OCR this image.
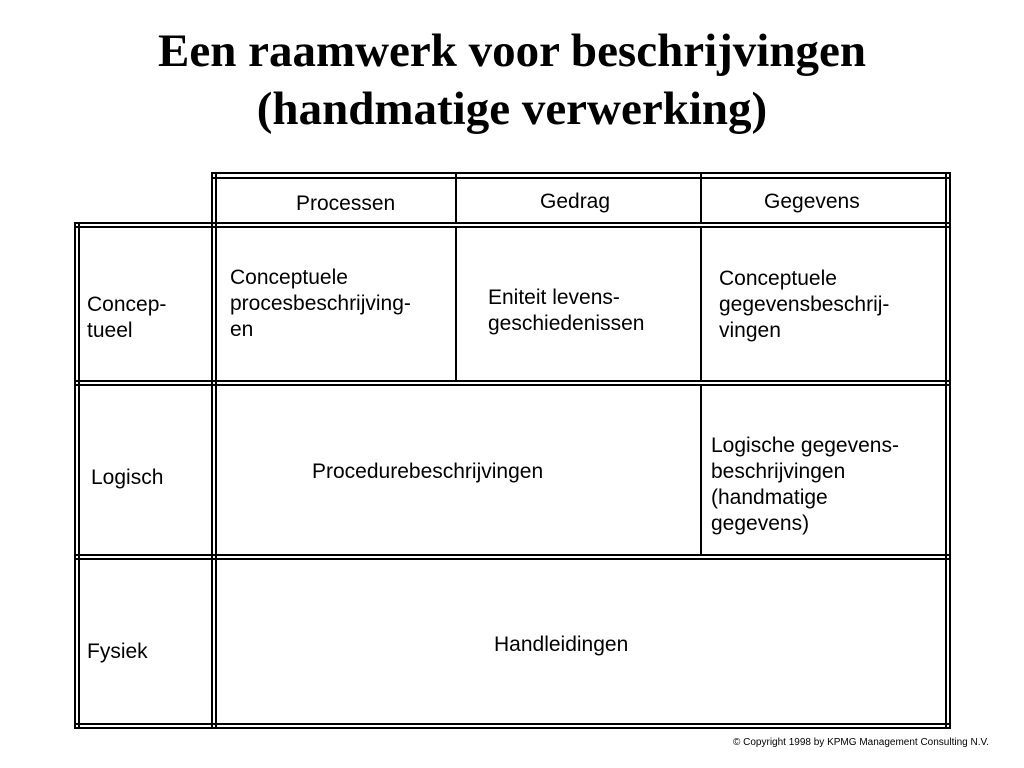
Een raamwerk voor beschrijvingen
(handmatige verwerking)
Processen	Gedrag	Gegevens
Concep-
tueel
Logisch
Fysiek
Conceptuele
procesbeschrijving-
en
Eniteit levens-
geschiedenissen
Conceptuele
gegevensbeschrij-
vingen
Procedurebeschrijvingen
Logische gegevens-
beschrijvingen
(handmatige
gegevens)
Handleidingen
© Copyright 1998 by KPMG Management Consulting N.V.
